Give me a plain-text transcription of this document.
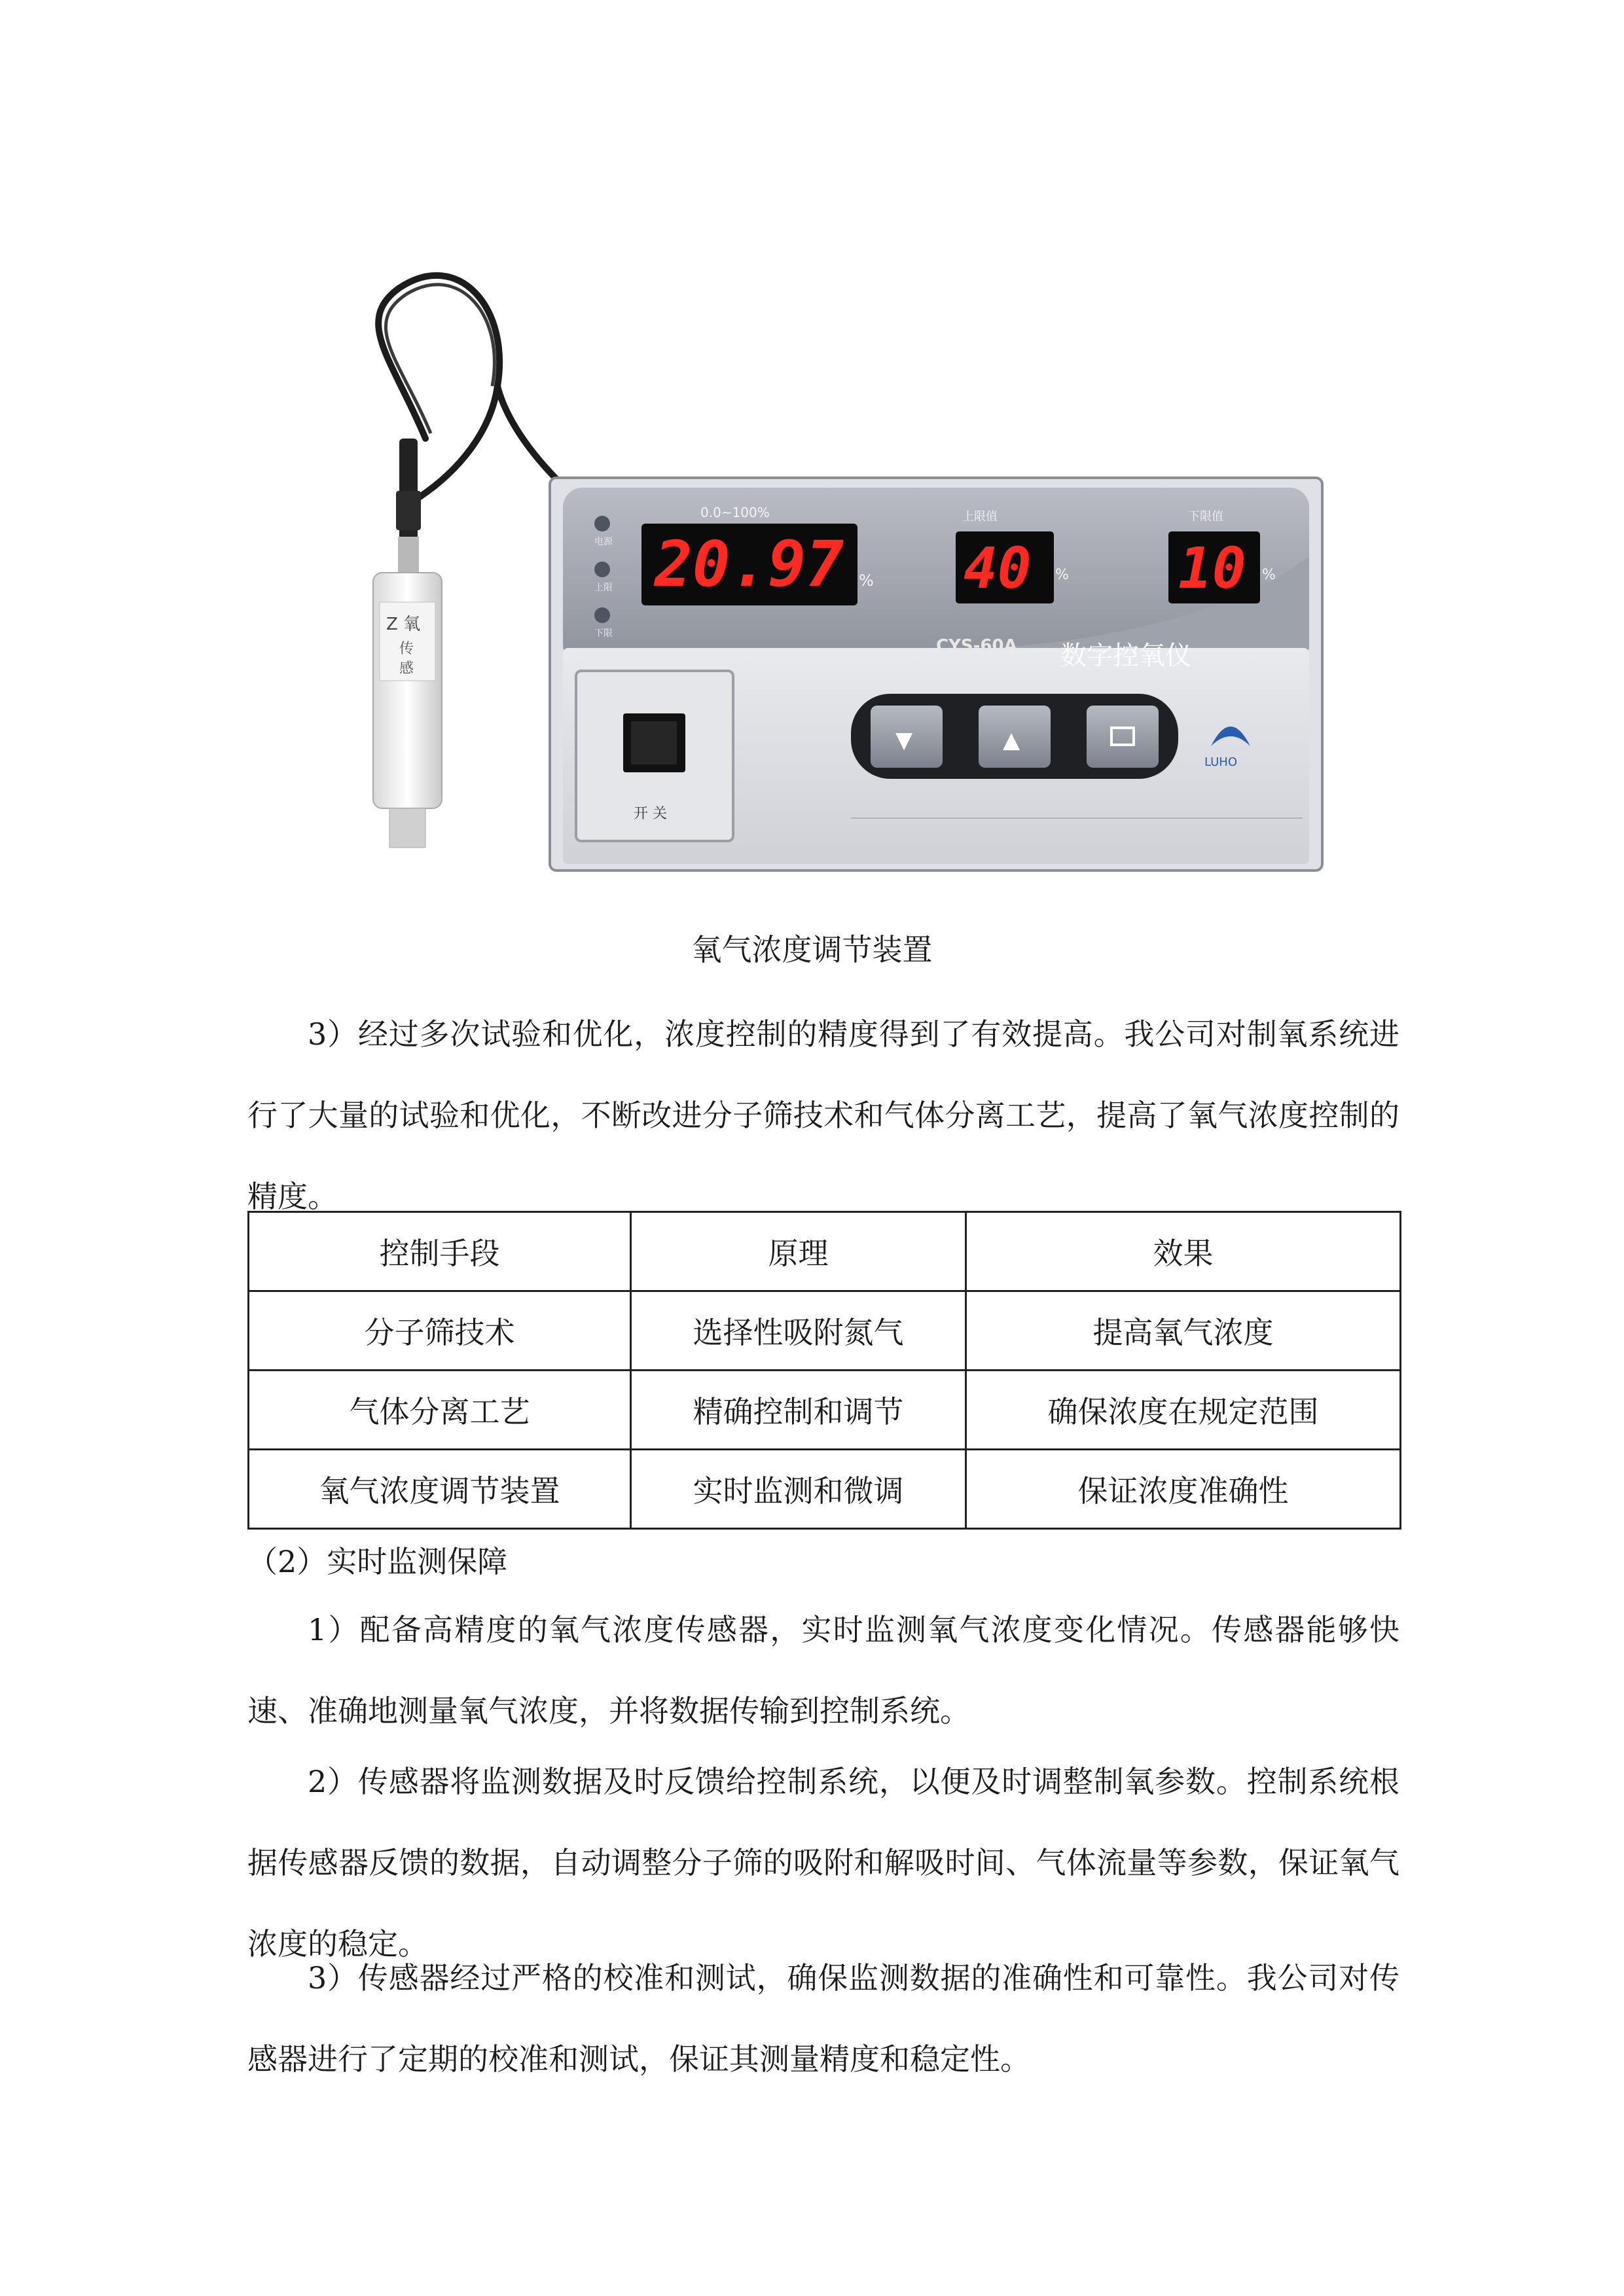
Z 氧
传
感
电源
上限
下限
0.0~100%
20.97 %
上限值
40 %
下限值
10 %
CYS-60A 数字控氧仪
开 关
▼	▲
LUHO
氧气浓度调节装置
3）经过多次试验和优化，浓度控制的精度得到了有效提高。我公司对制氧系统进行了大量的试验和优化，不断改进分子筛技术和气体分离工艺，提高了氧气浓度控制的精度。
控制手段	原理	效果
分子筛技术	选择性吸附氮气	提高氧气浓度
气体分离工艺	精确控制和调节	确保浓度在规定范围
氧气浓度调节装置	实时监测和微调	保证浓度准确性
（2）实时监测保障
1）配备高精度的氧气浓度传感器，实时监测氧气浓度变化情况。传感器能够快速、准确地测量氧气浓度，并将数据传输到控制系统。
2）传感器将监测数据及时反馈给控制系统，以便及时调整制氧参数。控制系统根据传感器反馈的数据，自动调整分子筛的吸附和解吸时间、气体流量等参数，保证氧气浓度的稳定。
3）传感器经过严格的校准和测试，确保监测数据的准确性和可靠性。我公司对传感器进行了定期的校准和测试，保证其测量精度和稳定性。
